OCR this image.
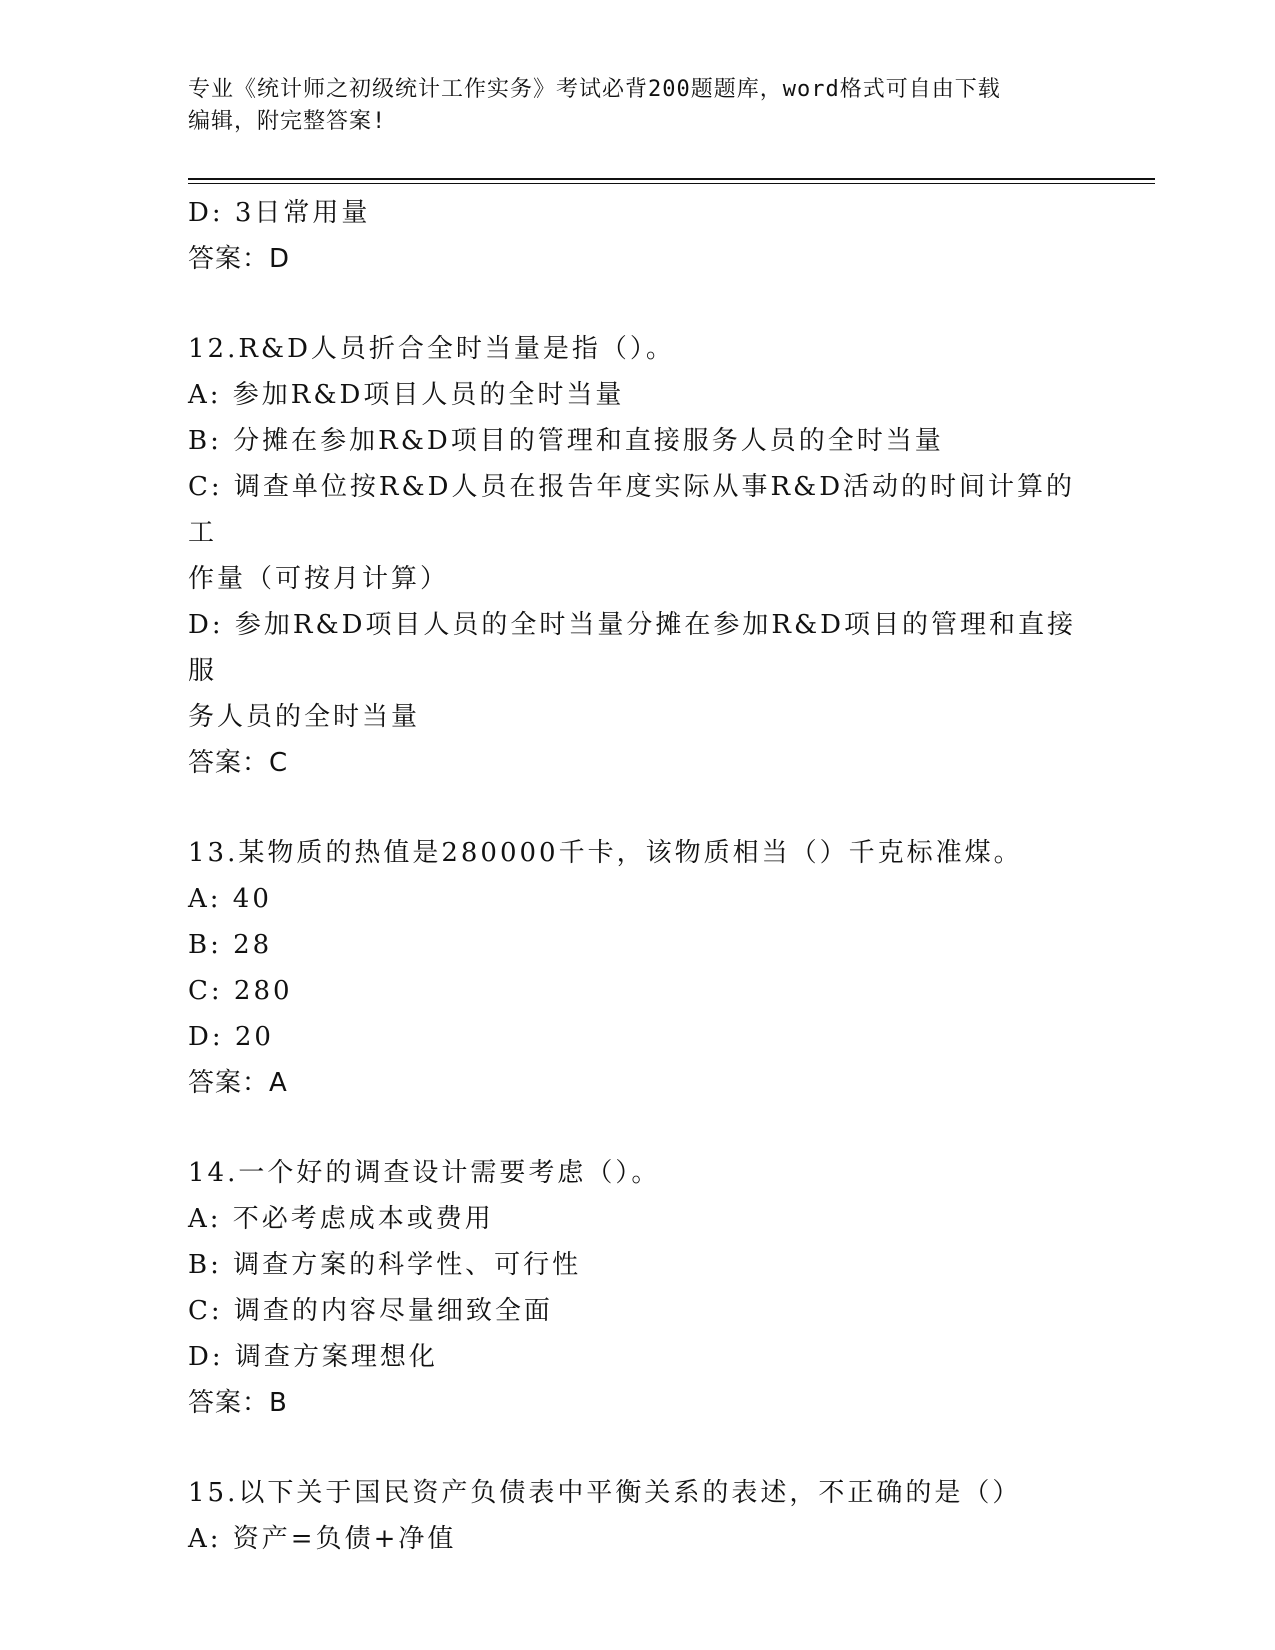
专业《统计师之初级统计工作实务》考试必背200题题库，word格式可自由下载
编辑，附完整答案!
D: 3日常用量
答案：D
12.R&D人员折合全时当量是指（）。
A: 参加R&D项目人员的全时当量
B: 分摊在参加R&D项目的管理和直接服务人员的全时当量
C: 调查单位按R&D人员在报告年度实际从事R&D活动的时间计算的工
作量（可按月计算）
D: 参加R&D项目人员的全时当量分摊在参加R&D项目的管理和直接服
务人员的全时当量
答案：C
13.某物质的热值是280000千卡，该物质相当（）千克标准煤。
A: 40
B: 28
C: 280
D: 20
答案：A
14.一个好的调查设计需要考虑（）。
A: 不必考虑成本或费用
B: 调查方案的科学性、可行性
C: 调查的内容尽量细致全面
D: 调查方案理想化
答案：B
15.以下关于国民资产负债表中平衡关系的表述，不正确的是（）
A: 资产=负债+净值
